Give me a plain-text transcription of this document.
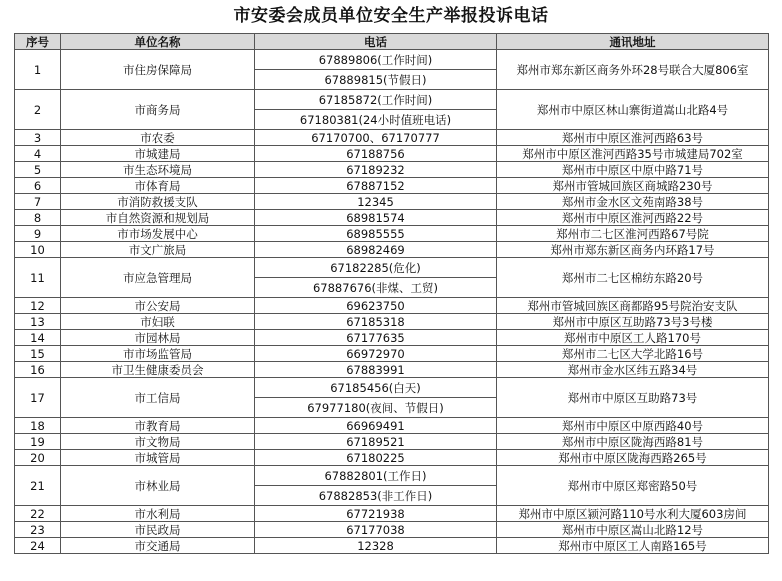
市安委会成员单位安全生产举报投诉电话
序号	单位名称	电话	通讯地址
1	市住房保障局	67889806(工作时间)	郑州市郑东新区商务外环28号联合大厦806室
		67889815(节假日)	
2	市商务局	67185872(工作时间)	郑州市中原区林山寨街道嵩山北路4号
		67180381(24小时值班电话)	
3	市农委	67170700、67170777	郑州市中原区淮河西路63号
4	市城建局	67188756	郑州市中原区淮河西路35号市城建局702室
5	市生态环境局	67189232	郑州市中原区中原中路71号
6	市体育局	67887152	郑州市管城回族区商城路230号
7	市消防救援支队	12345	郑州市金水区文苑南路38号
8	市自然资源和规划局	68981574	郑州市中原区淮河西路22号
9	市市场发展中心	68985555	郑州市二七区淮河西路67号院
10	市文广旅局	68982469	郑州市郑东新区商务内环路17号
11	市应急管理局	67182285(危化)	郑州市二七区棉纺东路20号
		67887676(非煤、工贸)	
12	市公安局	69623750	郑州市管城回族区商都路95号院治安支队
13	市妇联	67185318	郑州市中原区互助路73号3号楼
14	市园林局	67177635	郑州市中原区工人路170号
15	市市场监管局	66972970	郑州市二七区大学北路16号
16	市卫生健康委员会	67883991	郑州市金水区纬五路34号
17	市工信局	67185456(白天)	郑州市中原区互助路73号
		67977180(夜间、节假日)	
18	市教育局	66969491	郑州市中原区中原西路40号
19	市文物局	67189521	郑州市中原区陇海西路81号
20	市城管局	67180225	郑州市中原区陇海西路265号
21	市林业局	67882801(工作日)	郑州市中原区郑密路50号
		67882853(非工作日)	
22	市水利局	67721938	郑州市中原区颍河路110号水利大厦603房间
23	市民政局	67177038	郑州市中原区嵩山北路12号
24	市交通局	12328	郑州市中原区工人南路165号
